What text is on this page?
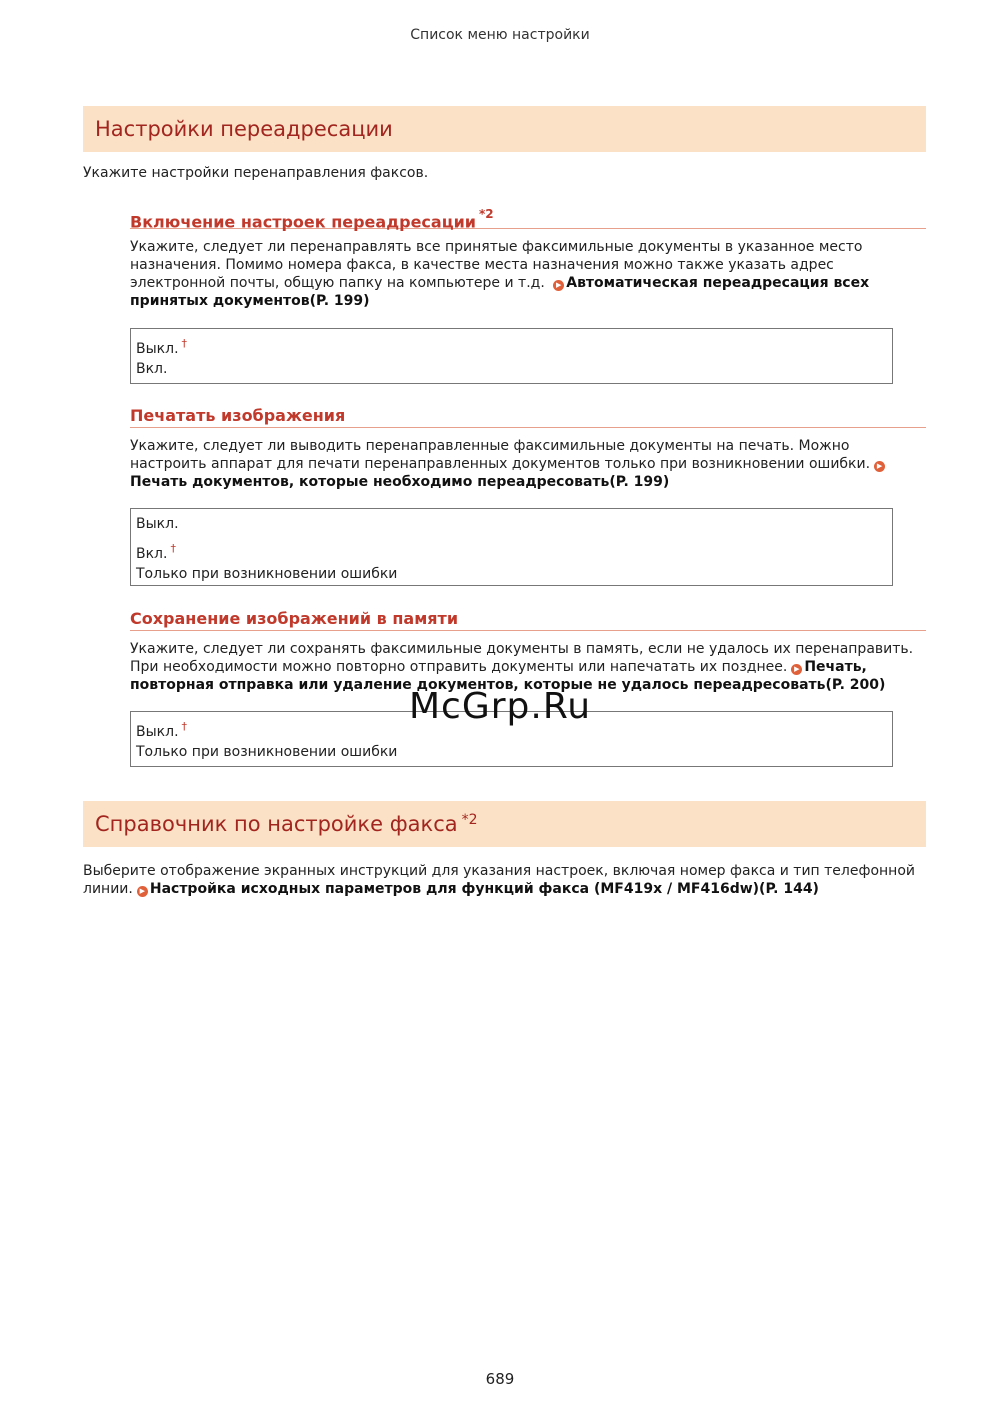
Список меню настройки
Настройки переадресации
Укажите настройки перенаправления факсов.
Включение настроек переадресации $^{*2}$
Укажите, следует ли перенаправлять все принятые факсимильные документы в указанное место
назначения. Помимо номера факса, в качестве места назначения можно также указать адрес
электронной почты, общую папку на компьютере и т.д. ▶ Автоматическая переадресация всех
принятых документов(P. 199)
Выкл. †
Вкл.
Печатать изображения
Укажите, следует ли выводить перенаправленные факсимильные документы на печать. Можно
настроить аппарат для печати перенаправленных документов только при возникновении ошибки. ▶
Печать документов, которые необходимо переадресовать(P. 199)
Выкл.
Вкл. †
Только при возникновении ошибки
Сохранение изображений в памяти
Укажите, следует ли сохранять факсимильные документы в память, если не удалось их перенаправить.
При необходимости можно повторно отправить документы или напечатать их позднее. ▶ Печать,
повторная отправка или удаление документов, которые не удалось переадресовать(P. 200)
Выкл. †
Только при возникновении ошибки
Справочник по настройке факса $^{*2}$
Выберите отображение экранных инструкций для указания настроек, включая номер факса и тип телефонной
линии. ▶ Настройка исходных параметров для функций факса (MF419x / MF416dw)(P. 144)
McGrp.Ru
689
